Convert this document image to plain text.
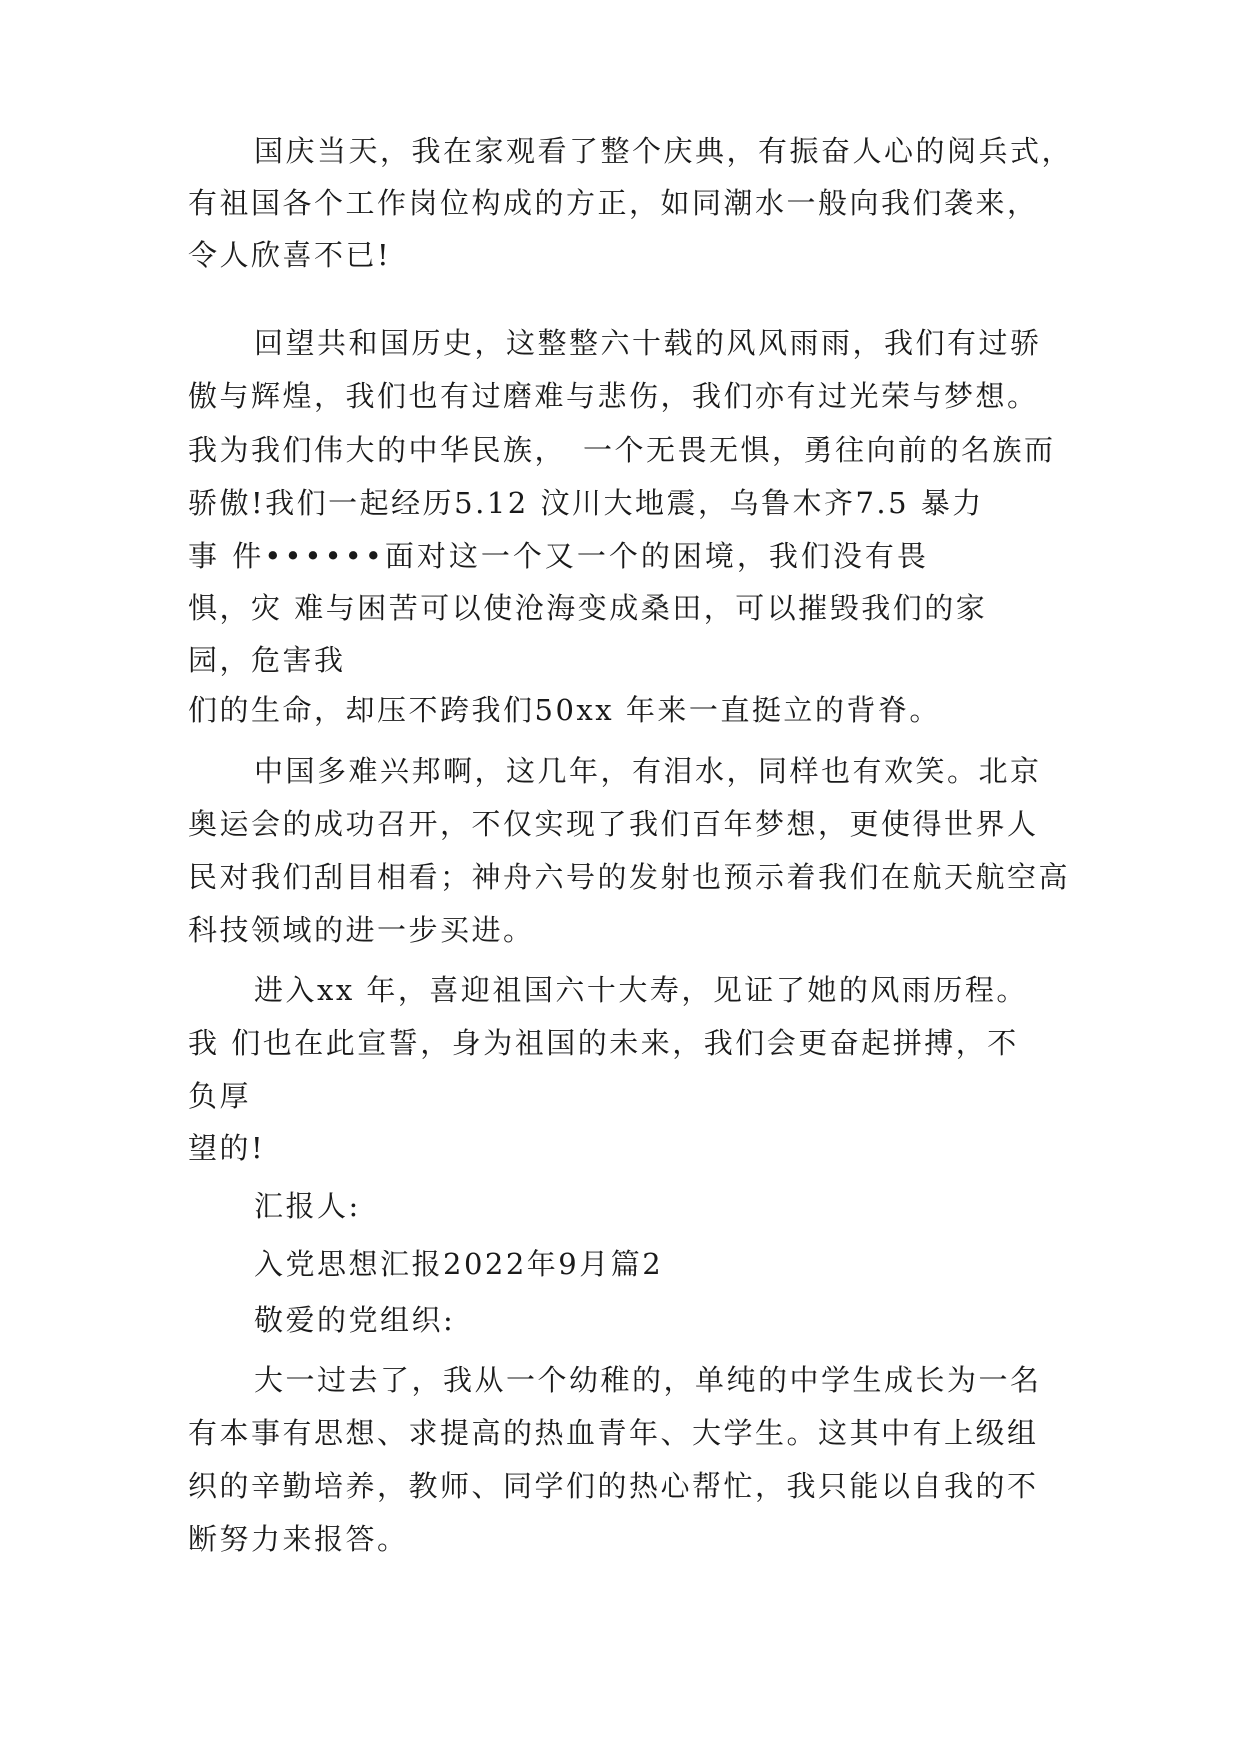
国庆当天，我在家观看了整个庆典，有振奋人心的阅兵式，
有祖国各个工作岗位构成的方正，如同潮水一般向我们袭来，
令人欣喜不已!
回望共和国历史，这整整六十载的风风雨雨，我们有过骄
傲与辉煌，我们也有过磨难与悲伤，我们亦有过光荣与梦想。
我为我们伟大的中华民族，　一个无畏无惧，勇往向前的名族而
骄傲!我们一起经历5.12 汶川大地震，乌鲁木齐7.5 暴力
事 件••••••面对这一个又一个的困境，我们没有畏
惧，灾 难与困苦可以使沧海变成桑田，可以摧毁我们的家
园，危害我
们的生命，却压不跨我们50xx 年来一直挺立的背脊。
中国多难兴邦啊，这几年，有泪水，同样也有欢笑。北京
奥运会的成功召开，不仅实现了我们百年梦想，更使得世界人
民对我们刮目相看；神舟六号的发射也预示着我们在航天航空高
科技领域的进一步买进。
进入xx 年，喜迎祖国六十大寿，见证了她的风雨历程。
我 们也在此宣誓，身为祖国的未来，我们会更奋起拼搏，不
负厚
望的!
汇报人:
入党思想汇报2022年9月篇2
敬爱的党组织:
大一过去了，我从一个幼稚的，单纯的中学生成长为一名
有本事有思想、求提高的热血青年、大学生。这其中有上级组
织的辛勤培养，教师、同学们的热心帮忙，我只能以自我的不
断努力来报答。
